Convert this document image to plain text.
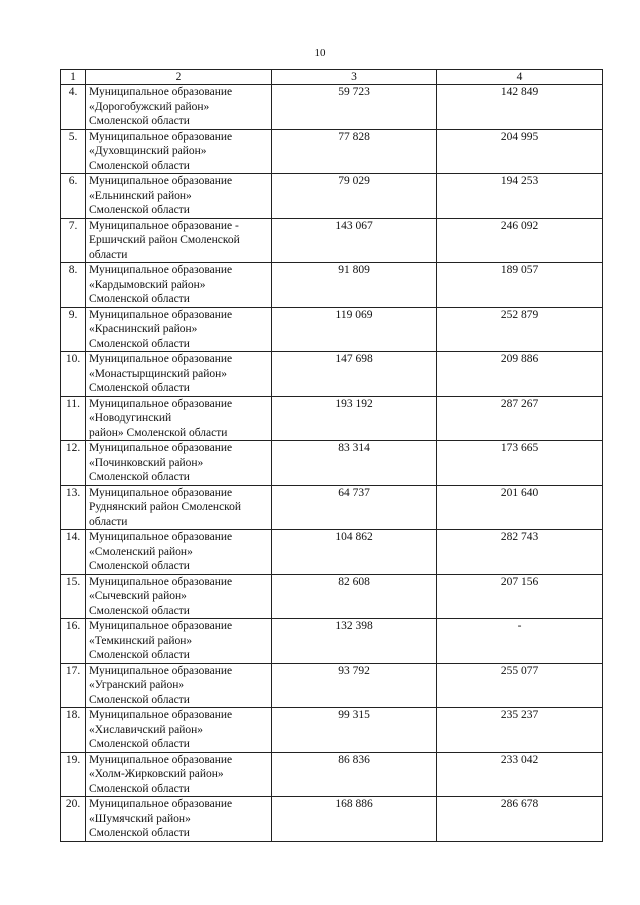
10
1	2	3	4
4.	Муниципальное образование
«Дорогобужский район»
Смоленской области	59 723	142 849
5.	Муниципальное образование
«Духовщинский район»
Смоленской области	77 828	204 995
6.	Муниципальное образование
«Ельнинский район»
Смоленской области	79 029	194 253
7.	Муниципальное образование -
Ершичский район Смоленской
области	143 067	246 092
8.	Муниципальное образование
«Кардымовский район»
Смоленской области	91 809	189 057
9.	Муниципальное образование
«Краснинский район»
Смоленской области	119 069	252 879
10.	Муниципальное образование
«Монастырщинский район»
Смоленской области	147 698	209 886
11.	Муниципальное образование
«Новодугинский
район» Смоленской области	193 192	287 267
12.	Муниципальное образование
«Починковский район»
Смоленской области	83 314	173 665
13.	Муниципальное образование
Руднянский район Смоленской
области	64 737	201 640
14.	Муниципальное образование
«Смоленский район»
Смоленской области	104 862	282 743
15.	Муниципальное образование
«Сычевский район»
Смоленской области	82 608	207 156
16.	Муниципальное образование
«Темкинский район»
Смоленской области	132 398	-
17.	Муниципальное образование
«Угранский район»
Смоленской области	93 792	255 077
18.	Муниципальное образование
«Хиславичский район»
Смоленской области	99 315	235 237
19.	Муниципальное образование
«Холм-Жирковский район»
Смоленской области	86 836	233 042
20.	Муниципальное образование
«Шумячский район»
Смоленской области	168 886	286 678
